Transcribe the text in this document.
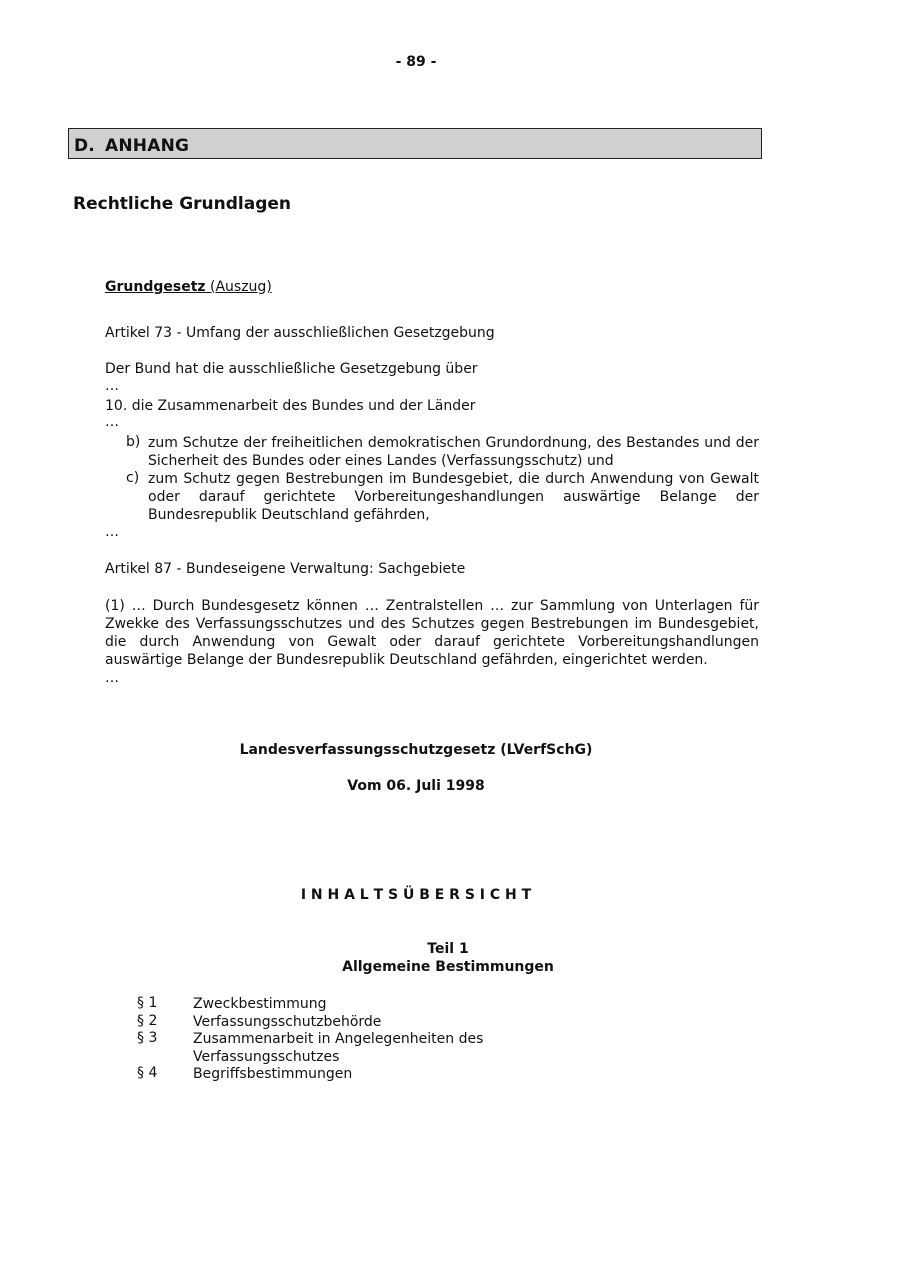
- 89 -
D. ANHANG
Rechtliche Grundlagen
Grundgesetz (Auszug)
Artikel 73 - Umfang der ausschließlichen Gesetzgebung
Der Bund hat die ausschließliche Gesetzgebung über
…
10. die Zusammenarbeit des Bundes und der Länder
…
b) zum Schutze der freiheitlichen demokratischen Grundordnung, des Bestandes und der Sicherheit des Bundes oder eines Landes (Verfassungsschutz) und
c) zum Schutz gegen Bestrebungen im Bundesgebiet, die durch Anwendung von Gewalt oder darauf gerichtete Vorbereitungeshandlungen auswärtige Belange der Bundesrepublik Deutschland gefährden,
…
Artikel 87 - Bundeseigene Verwaltung: Sachgebiete
(1) … Durch Bundesgesetz können … Zentralstellen … zur Sammlung von Unterlagen für Zwekke des Verfassungsschutzes und des Schutzes gegen Bestrebungen im Bundesgebiet, die durch Anwendung von Gewalt oder darauf gerichtete Vorbereitungshandlungen auswärtige Belange der Bundesrepublik Deutschland gefährden, eingerichtet werden.
…
Landesverfassungsschutzgesetz (LVerfSchG)
Vom 06. Juli 1998
I N H A L T S Ü B E R S I C H T
Teil 1
Allgemeine Bestimmungen
§ 1	Zweckbestimmung
§ 2	Verfassungsschutzbehörde
§ 3	Zusammenarbeit in Angelegenheiten des Verfassungsschutzes
§ 4	Begriffsbestimmungen
